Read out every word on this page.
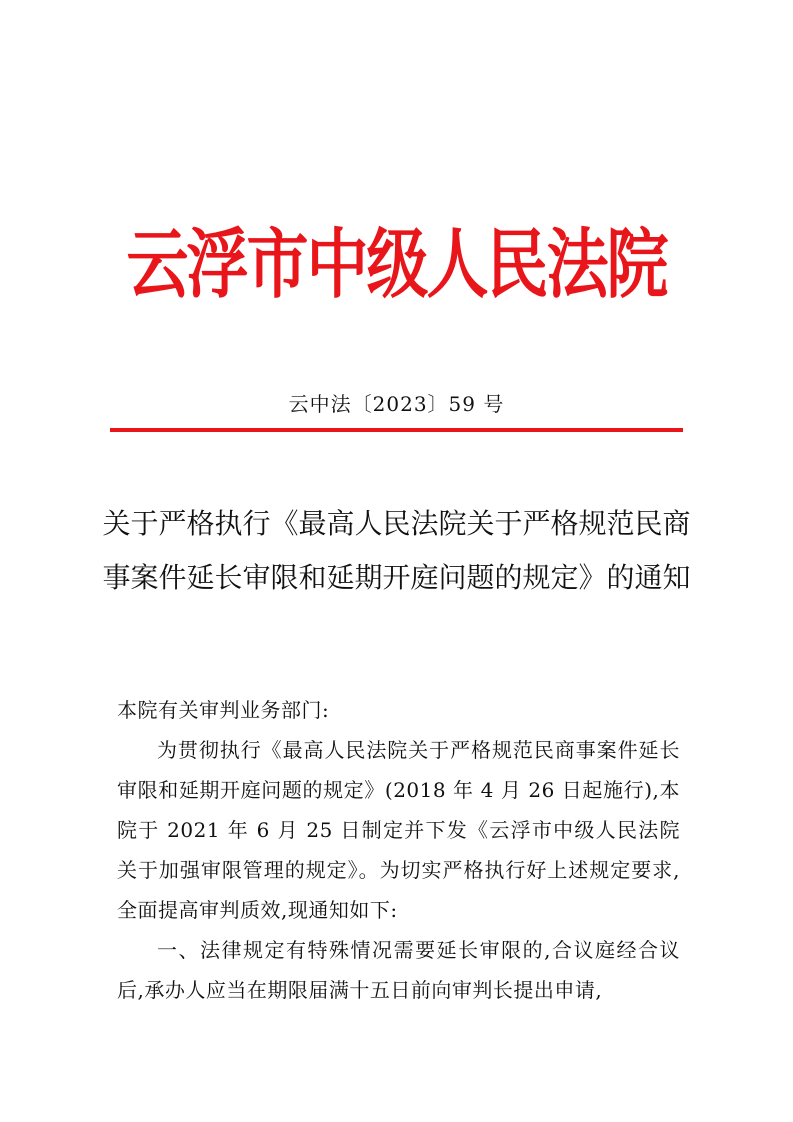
云浮市中级人民法院
云中法〔2023〕59 号
关于严格执行《最高人民法院关于严格规范民商事案件延长审限和延期开庭问题的规定》的通知

本院有关审判业务部门:

为贯彻执行《最高人民法院关于严格规范民商事案件延长审限和延期开庭问题的规定》(2018 年 4 月 26 日起施行),本院于 2021 年 6 月 25 日制定并下发《云浮市中级人民法院关于加强审限管理的规定》。为切实严格执行好上述规定要求,全面提高审判质效,现通知如下:

一、法律规定有特殊情况需要延长审限的,合议庭经合议后,承办人应当在期限届满十五日前向审判长提出申请,
